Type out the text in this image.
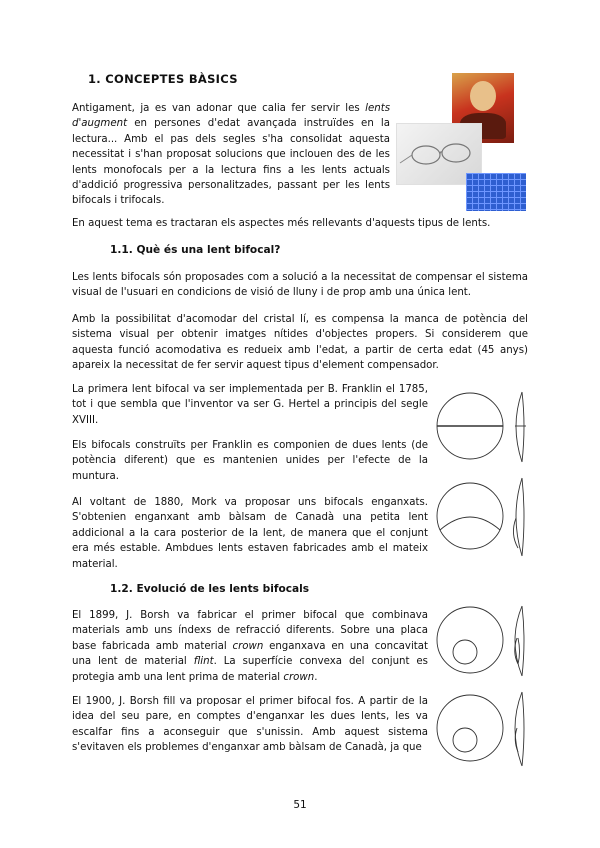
1. CONCEPTES BÀSICS

Antigament, ja es van adonar que calia fer servir les lents d'augment en persones d'edat avançada instruïdes en la lectura... Amb el pas dels segles s'ha consolidat aquesta necessitat i s'han proposat solucions que inclouen des de les lents monofocals per a la lectura fins a les lents actuals d'addició progressiva personalitzades, passant per les lents bifocals i trifocals.

En aquest tema es tractaran els aspectes més rellevants d'aquests tipus de lents.

1.1. Què és una lent bifocal?

Les lents bifocals són proposades com a solució a la necessitat de compensar el sistema visual de l'usuari en condicions de visió de lluny i de prop amb una única lent.

Amb la possibilitat d'acomodar del cristal lí, es compensa la manca de potència del sistema visual per obtenir imatges nítides d'objectes propers. Si considerem que aquesta funció acomodativa es redueix amb l'edat, a partir de certa edat (45 anys) apareix la necessitat de fer servir aquest tipus d'element compensador.

La primera lent bifocal va ser implementada per B. Franklin el 1785, tot i que sembla que l'inventor va ser G. Hertel a principis del segle XVIII.

Els bifocals construïts per Franklin es componien de dues lents (de potència diferent) que es mantenien unides per l'efecte de la muntura.

Al voltant de 1880, Mork va proposar uns bifocals enganxats. S'obtenien enganxant amb bàlsam de Canadà una petita lent addicional a la cara posterior de la lent, de manera que el conjunt era més estable. Ambdues lents estaven fabricades amb el mateix material.

1.2. Evolució de les lents bifocals

El 1899, J. Borsh va fabricar el primer bifocal que combinava materials amb uns índexs de refracció diferents. Sobre una placa base fabricada amb material crown enganxava en una concavitat una lent de material flint. La superfície convexa del conjunt es protegia amb una lent prima de material crown.

El 1900, J. Borsh fill va proposar el primer bifocal fos. A partir de la idea del seu pare, en comptes d'enganxar les dues lents, les va escalfar fins a aconseguir que s'unissin. Amb aquest sistema s'evitaven els problemes d'enganxar amb bàlsam de Canadà, ja que

51
